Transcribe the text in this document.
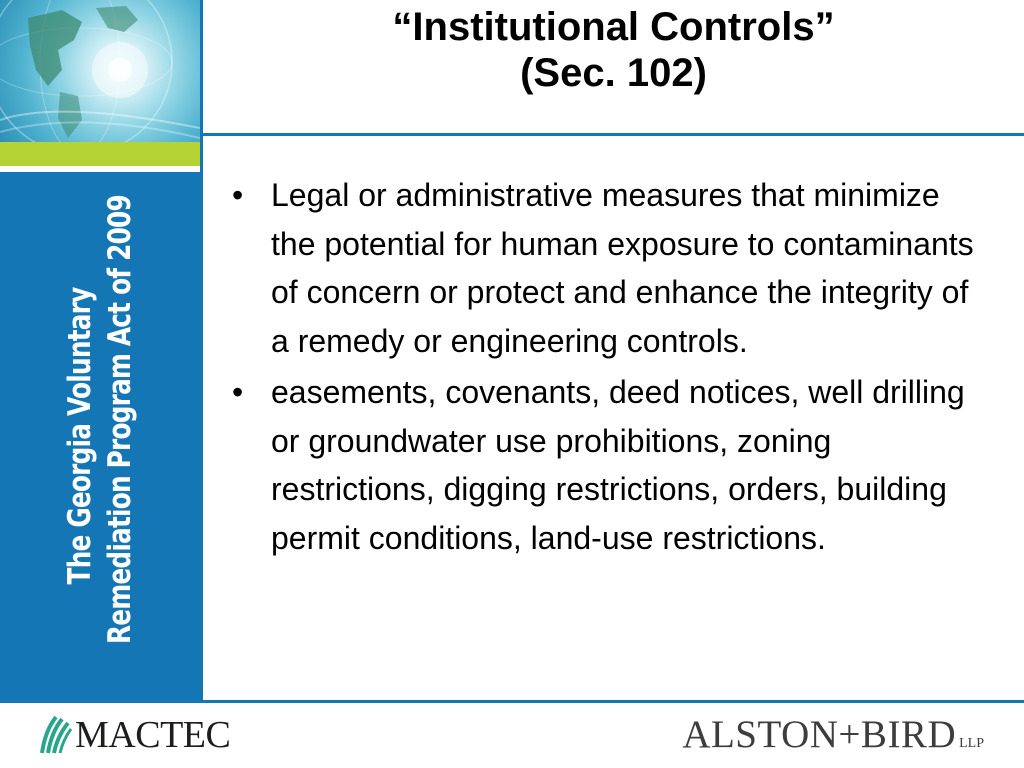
The Georgia Voluntary Remediation Program Act of 2009
“Institutional Controls”
(Sec. 102)
• Legal or administrative measures that minimize the potential for human exposure to contaminants of concern or protect and enhance the integrity of a remedy or engineering controls.
• easements, covenants, deed notices, well drilling or groundwater use prohibitions, zoning restrictions, digging restrictions, orders, building permit conditions, land-use restrictions.
MACTEC	ALSTON+BIRD LLP
